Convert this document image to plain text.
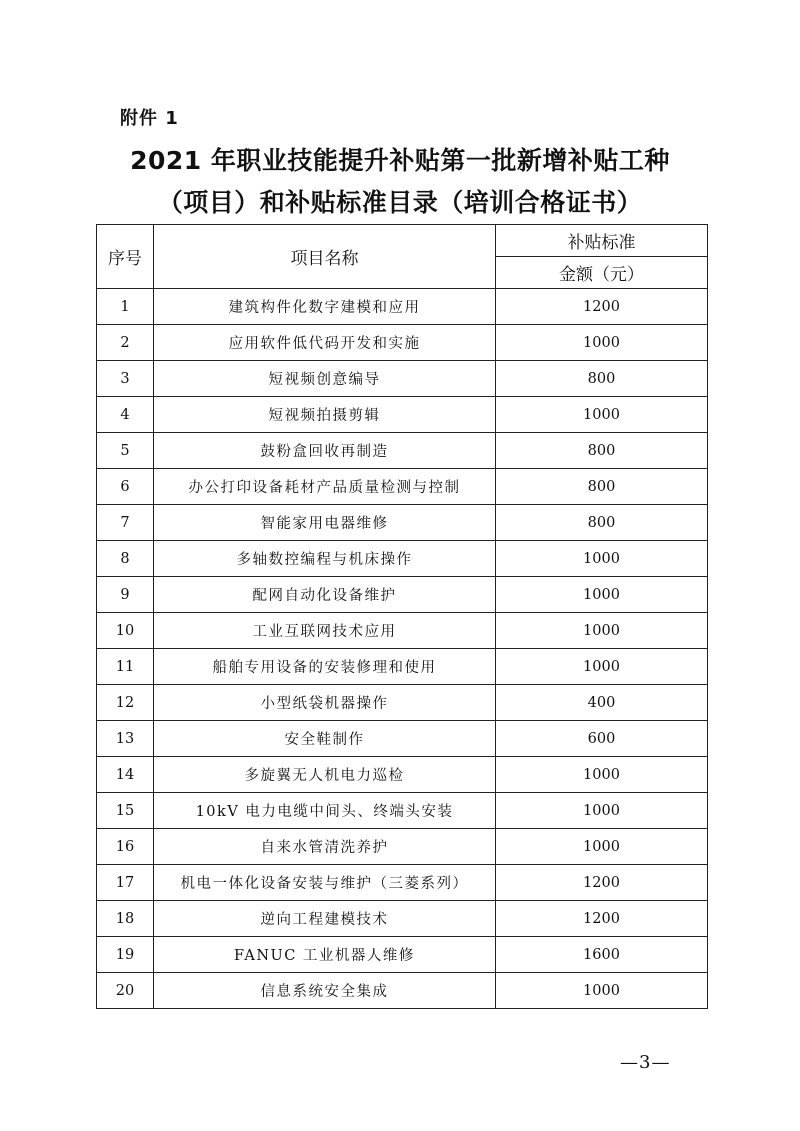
附件 1

2021 年职业技能提升补贴第一批新增补贴工种
（项目）和补贴标准目录（培训合格证书）
序号	项目名称	补贴标准
		金额（元）
1	建筑构件化数字建模和应用	1200
2	应用软件低代码开发和实施	1000
3	短视频创意编导	800
4	短视频拍摄剪辑	1000
5	鼓粉盒回收再制造	800
6	办公打印设备耗材产品质量检测与控制	800
7	智能家用电器维修	800
8	多轴数控编程与机床操作	1000
9	配网自动化设备维护	1000
10	工业互联网技术应用	1000
11	船舶专用设备的安装修理和使用	1000
12	小型纸袋机器操作	400
13	安全鞋制作	600
14	多旋翼无人机电力巡检	1000
15	10kV 电力电缆中间头、终端头安装	1000
16	自来水管清洗养护	1000
17	机电一体化设备安装与维护（三菱系列）	1200
18	逆向工程建模技术	1200
19	FANUC 工业机器人维修	1600
20	信息系统安全集成	1000
—3—
